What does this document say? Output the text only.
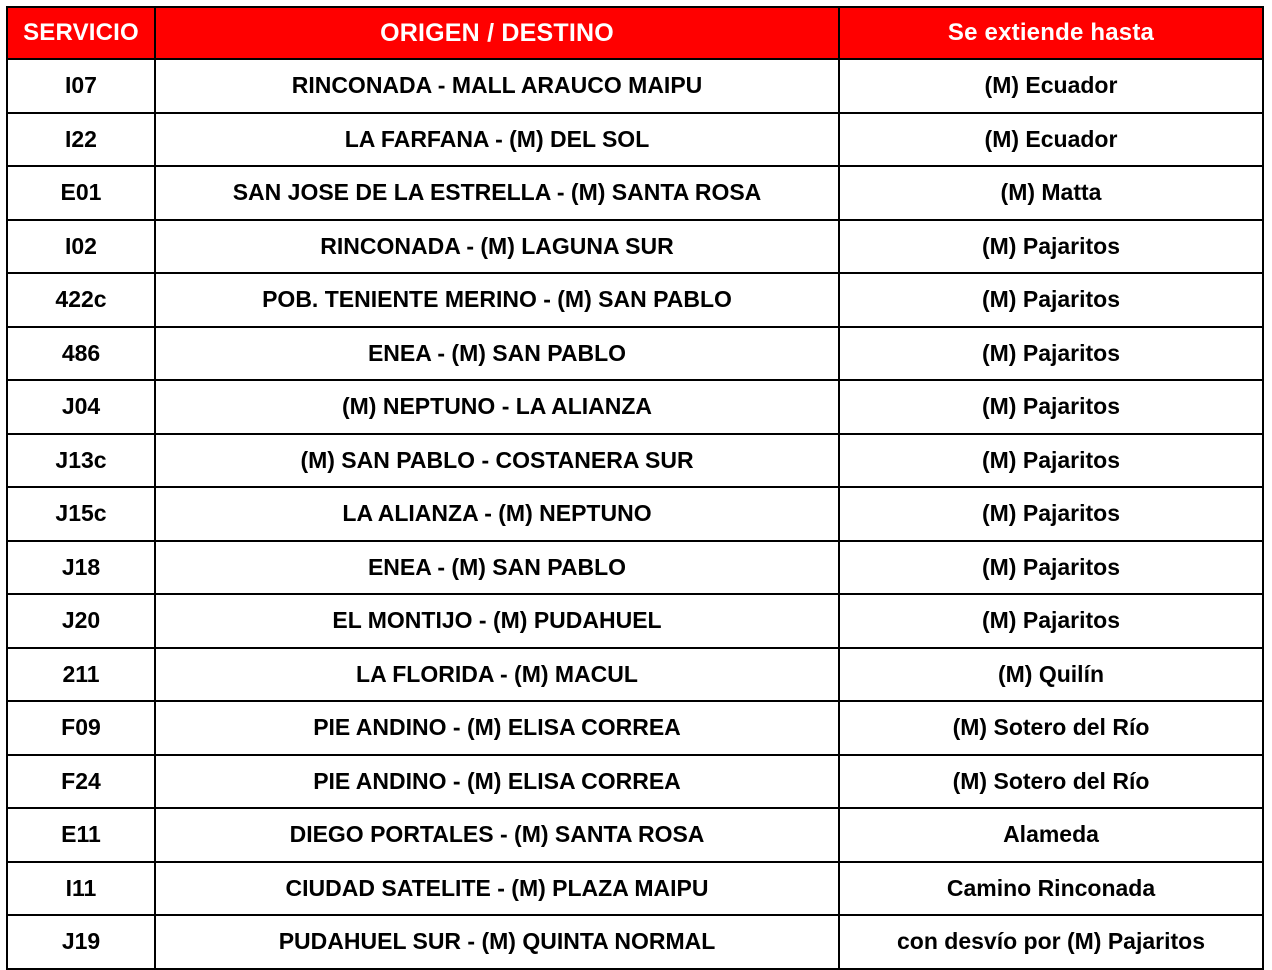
SERVICIO	ORIGEN / DESTINO	Se extiende hasta
I07	RINCONADA - MALL ARAUCO MAIPU	(M) Ecuador
I22	LA FARFANA - (M) DEL SOL	(M) Ecuador
E01	SAN JOSE DE LA ESTRELLA - (M) SANTA ROSA	(M) Matta
I02	RINCONADA - (M) LAGUNA SUR	(M) Pajaritos
422c	POB. TENIENTE MERINO - (M) SAN PABLO	(M) Pajaritos
486	ENEA - (M) SAN PABLO	(M) Pajaritos
J04	(M) NEPTUNO - LA ALIANZA	(M) Pajaritos
J13c	(M) SAN PABLO - COSTANERA SUR	(M) Pajaritos
J15c	LA ALIANZA - (M) NEPTUNO	(M) Pajaritos
J18	ENEA - (M) SAN PABLO	(M) Pajaritos
J20	EL MONTIJO - (M) PUDAHUEL	(M) Pajaritos
211	LA FLORIDA - (M) MACUL	(M) Quilín
F09	PIE ANDINO - (M) ELISA CORREA	(M) Sotero del Río
F24	PIE ANDINO - (M) ELISA CORREA	(M) Sotero del Río
E11	DIEGO PORTALES - (M) SANTA ROSA	Alameda
I11	CIUDAD SATELITE - (M) PLAZA MAIPU	Camino Rinconada
J19	PUDAHUEL SUR - (M) QUINTA NORMAL	con desvío por (M) Pajaritos
